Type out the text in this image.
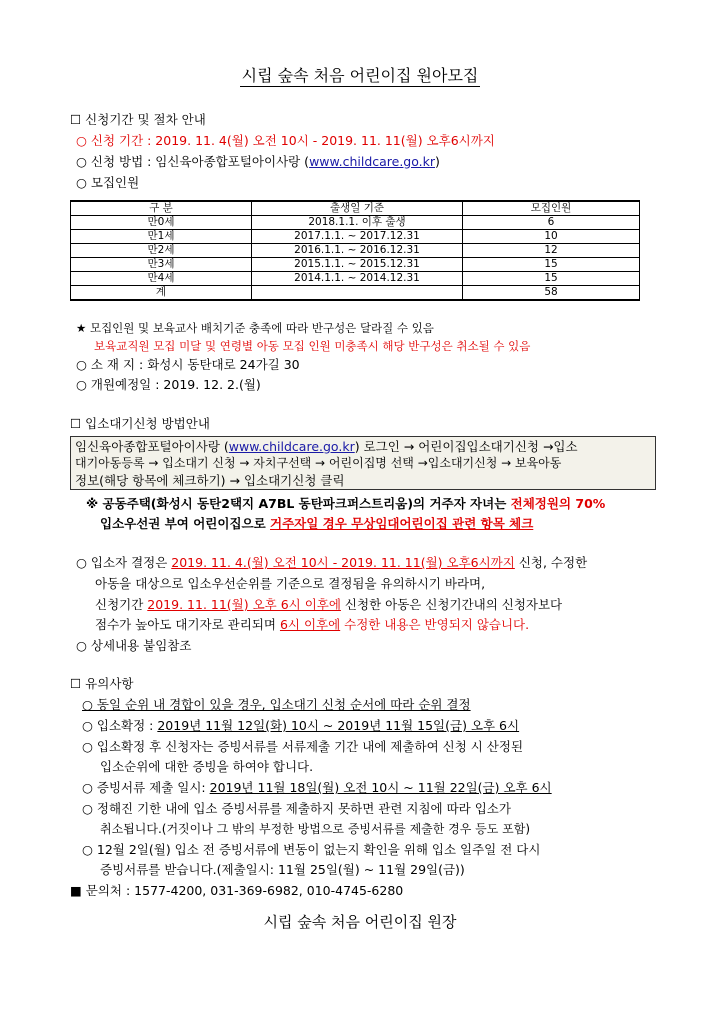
시립 숲속 처음 어린이집 원아모집
☐ 신청기간 및 절차 안내
○ 신청 기간 : 2019. 11. 4(월) 오전 10시 - 2019. 11. 11(월) 오후6시까지
○ 신청 방법 : 임신육아종합포털아이사랑 (www.childcare.go.kr)
○ 모집인원
구 분	출생일 기준	모집인원
만0세	2018.1.1. 이후 출생	6
만1세	2017.1.1. ~ 2017.12.31	10
만2세	2016.1.1. ~ 2016.12.31	12
만3세	2015.1.1. ~ 2015.12.31	15
만4세	2014.1.1. ~ 2014.12.31	15
계		58
★ 모집인원 및 보육교사 배치기준 충족에 따라 반구성은 달라질 수 있음
보육교직원 모집 미달 및 연령별 아동 모집 인원 미충족시 해당 반구성은 취소될 수 있음
○ 소 재 지 : 화성시 동탄대로 24가길 30
○ 개원예정일 : 2019. 12. 2.(월)
☐ 입소대기신청 방법안내
임신육아종합포털아이사랑 (www.childcare.go.kr) 로그인 → 어린이집입소대기신청 →입소
대기아동등록 → 입소대기 신청 → 자치구선택 → 어린이집명 선택 →입소대기신청 → 보육아동
정보(해당 항목에 체크하기) → 입소대기신청 클릭
※ 공동주택(화성시 동탄2택지 A7BL 동탄파크퍼스트리움)의 거주자 자녀는 전체정원의 70%
입소우선권 부여 어린이집으로 거주자일 경우 무상임대어린이집 관련 항목 체크
○ 입소자 결정은 2019. 11. 4.(월) 오전 10시 - 2019. 11. 11(월) 오후6시까지 신청, 수정한
아동을 대상으로 입소우선순위를 기준으로 결정됨을 유의하시기 바라며,
신청기간 2019. 11. 11(월) 오후 6시 이후에 신청한 아동은 신청기간내의 신청자보다
점수가 높아도 대기자로 관리되며 6시 이후에 수정한 내용은 반영되지 않습니다.
○ 상세내용 붙임참조
☐ 유의사항
○ 동일 순위 내 경합이 있을 경우, 입소대기 신청 순서에 따라 순위 결정
○ 입소확정 : 2019년 11월 12일(화) 10시 ~ 2019년 11월 15일(금) 오후 6시
○ 입소확정 후 신청자는 증빙서류를 서류제출 기간 내에 제출하여 신청 시 산정된
입소순위에 대한 증빙을 하여야 합니다.
○ 증빙서류 제출 일시: 2019년 11월 18일(월) 오전 10시 ~ 11월 22일(금) 오후 6시
○ 정해진 기한 내에 입소 증빙서류를 제출하지 못하면 관련 지침에 따라 입소가
취소됩니다.(거짓이나 그 밖의 부정한 방법으로 증빙서류를 제출한 경우 등도 포함)
○ 12월 2일(월) 입소 전 증빙서류에 변동이 없는지 확인을 위해 입소 일주일 전 다시
증빙서류를 받습니다.(제출일시: 11월 25일(월) ~ 11월 29일(금))
■ 문의처 : 1577-4200, 031-369-6982, 010-4745-6280
시립 숲속 처음 어린이집 원장
